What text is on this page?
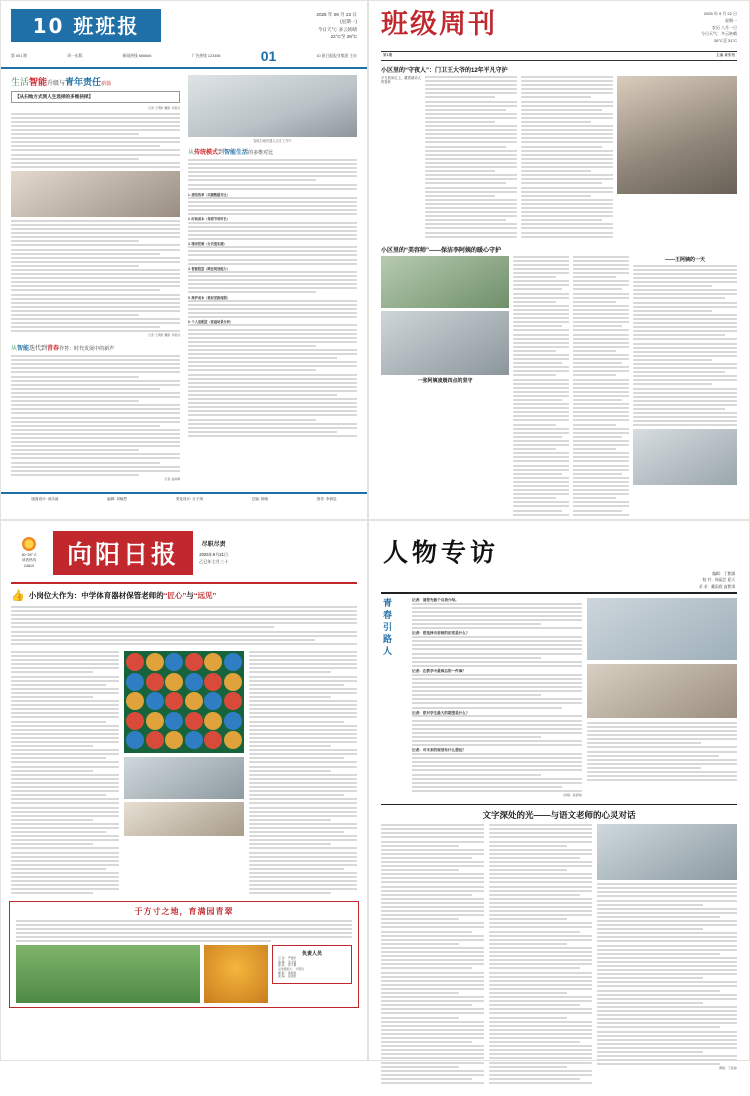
10 班班报	2025 年 09 月 22 日
(星期一)
今日天气: 多云转晴
22°C至 29°C
第 001 期	周一出版	新闻热线 666666	广告热线 123456	01	10 班日报报业集团 主办
生活智能升级与青年责任新篇
【从扫地方式到人生选择的多维抉择】
记者: 王明轩 摄影: 李思远
记者: 王明轩 摄影: 李思远
从智能迭代到青春作答：时代发展中的新声
记者: 赵雨晴
智能扫地机器人正在工作中
从传统模式到智能生活的多维对比
1. 清洁效率（实测数据对比）
2. 时间成本（每周节省时长）
3. 噪音控制（分贝值实测）
4. 智能程度（路径规划能力）
5. 维护成本（耗材更换周期）
6. 个人适配度（家庭场景分析）
版面设计: 汤乐函	编辑: 刘晓然	美化设计: 万子琪	总编: 蒋晓	指导: 李润辰
班级周刊	2025 年 9 月 22 日
星期一
农历 八月一日
今日天气：多云转晴
26°C至 31°C
第1期	主编 姜奕柏
小区里的“守夜人”：门卫王大爷的12年平凡守护
平凡的岗位上，藏着最动人的春秋
小区里的“美容师”——保洁李阿姨的暖心守护
一张阿姨凌晨四点的坚守
——王阿姨的一天
30~28° C
读者热线
24810	向阳日报	尽职尽责
2025年9月21日
乙巳年七月三十
👍 小岗位大作为：中学体育器材保管老师的“匠心”与“远见”
于方寸之地，育满园青翠
负责人员
记 者： 严嘉轩
编 辑： 沈书瑶
排 版： 周子墨
采访组组长： 卢陈辰
摄 影： 黄梓航
美 编： 张锦依
人物专访
编辑：丁紫涵
校 对：杨晶芸 夏天
采 采：戴雨欣 高紫琪
青春引路人	记者：请您先做个自我介绍。
记者：您选择当老师的初衷是什么？
记者：在教学中最难忘的一件事？
记者：您对学生最大的期望是什么？
记者：对未来的规划有什么想法？
(供稿：高紫琪)
文字深处的光——与语文老师的心灵对话
撰稿：丁紫涵)
